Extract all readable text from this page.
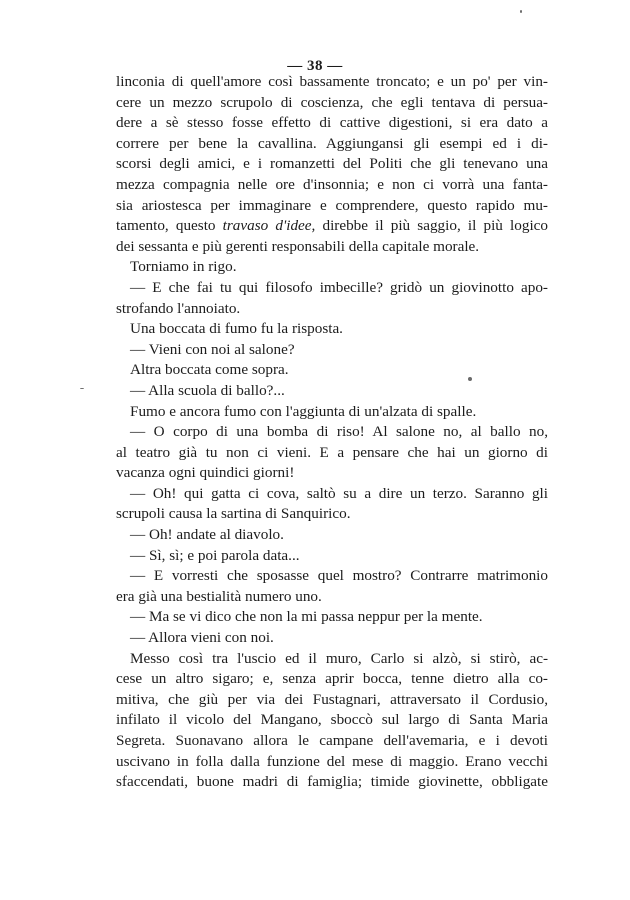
— 38 —
linconia di quell'amore così bassamente troncato; e un po' per vin-
cere un mezzo scrupolo di coscienza, che egli tentava di persua-
dere a sè stesso fosse effetto di cattive digestioni, si era dato a
correre per bene la cavallina. Aggiungansi gli esempi ed i di-
scorsi degli amici, e i romanzetti del Politi che gli tenevano una
mezza compagnia nelle ore d'insonnia; e non ci vorrà una fanta-
sia ariostesca per immaginare e comprendere, questo rapido mu-
tamento, questo travaso d'idee, direbbe il più saggio, il più logico
dei sessanta e più gerenti responsabili della capitale morale.
Torniamo in rigo.
— E che fai tu qui filosofo imbecille? gridò un giovinotto apo-
strofando l'annoiato.
Una boccata di fumo fu la risposta.
— Vieni con noi al salone?
Altra boccata come sopra.
— Alla scuola di ballo?...
Fumo e ancora fumo con l'aggiunta di un'alzata di spalle.
— O corpo di una bomba di riso! Al salone no, al ballo no,
al teatro già tu non ci vieni. E a pensare che hai un giorno di
vacanza ogni quindici giorni!
— Oh! qui gatta ci cova, saltò su a dire un terzo. Saranno gli
scrupoli causa la sartina di Sanquirico.
— Oh! andate al diavolo.
— Sì, sì; e poi parola data...
— E vorresti che sposasse quel mostro? Contrarre matrimonio
era già una bestialità numero uno.
— Ma se vi dico che non la mi passa neppur per la mente.
— Allora vieni con noi.
Messo così tra l'uscio ed il muro, Carlo si alzò, si stirò, ac-
cese un altro sigaro; e, senza aprir bocca, tenne dietro alla co-
mitiva, che giù per via dei Fustagnari, attraversato il Cordusio,
infilato il vicolo del Mangano, sboccò sul largo di Santa Maria
Segreta. Suonavano allora le campane dell'avemaria, e i devoti
uscivano in folla dalla funzione del mese di maggio. Erano vecchi
sfaccendati, buone madri di famiglia; timide giovinette, obbligate
